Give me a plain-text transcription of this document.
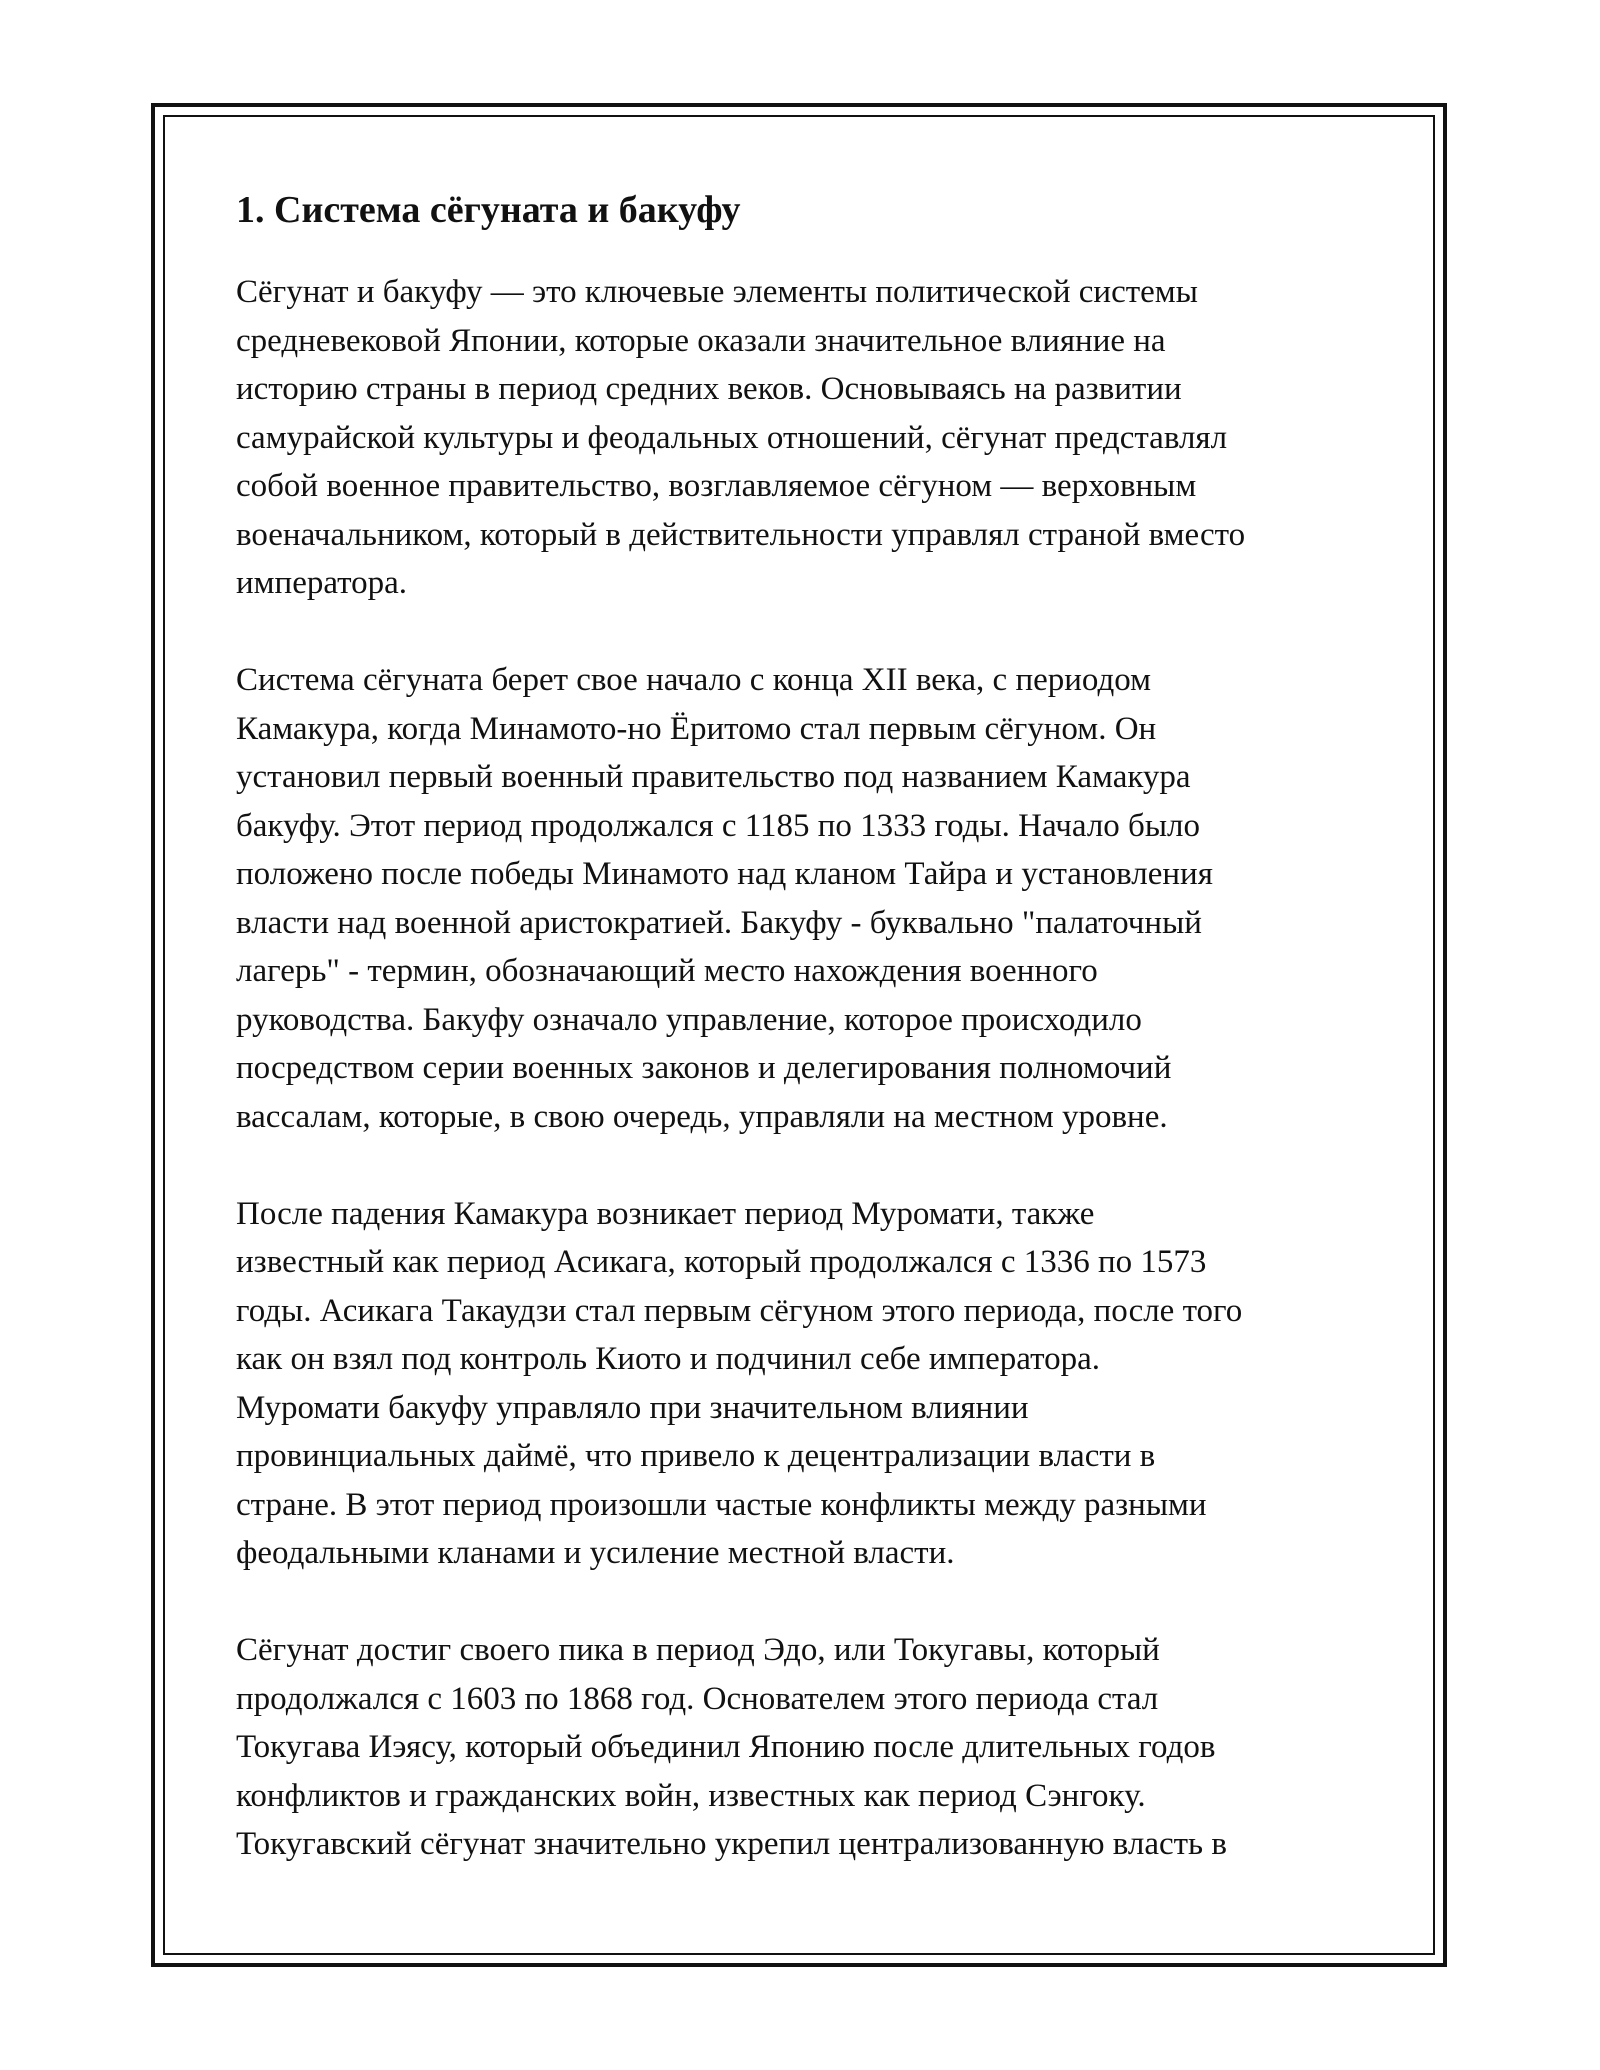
1. Система сёгуната и бакуфу

Сёгунат и бакуфу — это ключевые элементы политической системы
средневековой Японии, которые оказали значительное влияние на
историю страны в период средних веков. Основываясь на развитии
самурайской культуры и феодальных отношений, сёгунат представлял
собой военное правительство, возглавляемое сёгуном — верховным
военачальником, который в действительности управлял страной вместо
императора.

Система сёгуната берет свое начало с конца XII века, с периодом
Камакура, когда Минамото-но Ёритомо стал первым сёгуном. Он
установил первый военный правительство под названием Камакура
бакуфу. Этот период продолжался с 1185 по 1333 годы. Начало было
положено после победы Минамото над кланом Тайра и установления
власти над военной аристократией. Бакуфу - буквально "палаточный
лагерь" - термин, обозначающий место нахождения военного
руководства. Бакуфу означало управление, которое происходило
посредством серии военных законов и делегирования полномочий
вассалам, которые, в свою очередь, управляли на местном уровне.

После падения Камакура возникает период Муромати, также
известный как период Асикага, который продолжался с 1336 по 1573
годы. Асикага Такаудзи стал первым сёгуном этого периода, после того
как он взял под контроль Киото и подчинил себе императора.
Муромати бакуфу управляло при значительном влиянии
провинциальных даймё, что привело к децентрализации власти в
стране. В этот период произошли частые конфликты между разными
феодальными кланами и усиление местной власти.

Сёгунат достиг своего пика в период Эдо, или Токугавы, который
продолжался с 1603 по 1868 год. Основателем этого периода стал
Токугава Иэясу, который объединил Японию после длительных годов
конфликтов и гражданских войн, известных как период Сэнгоку.
Токугавский сёгунат значительно укрепил централизованную власть в
